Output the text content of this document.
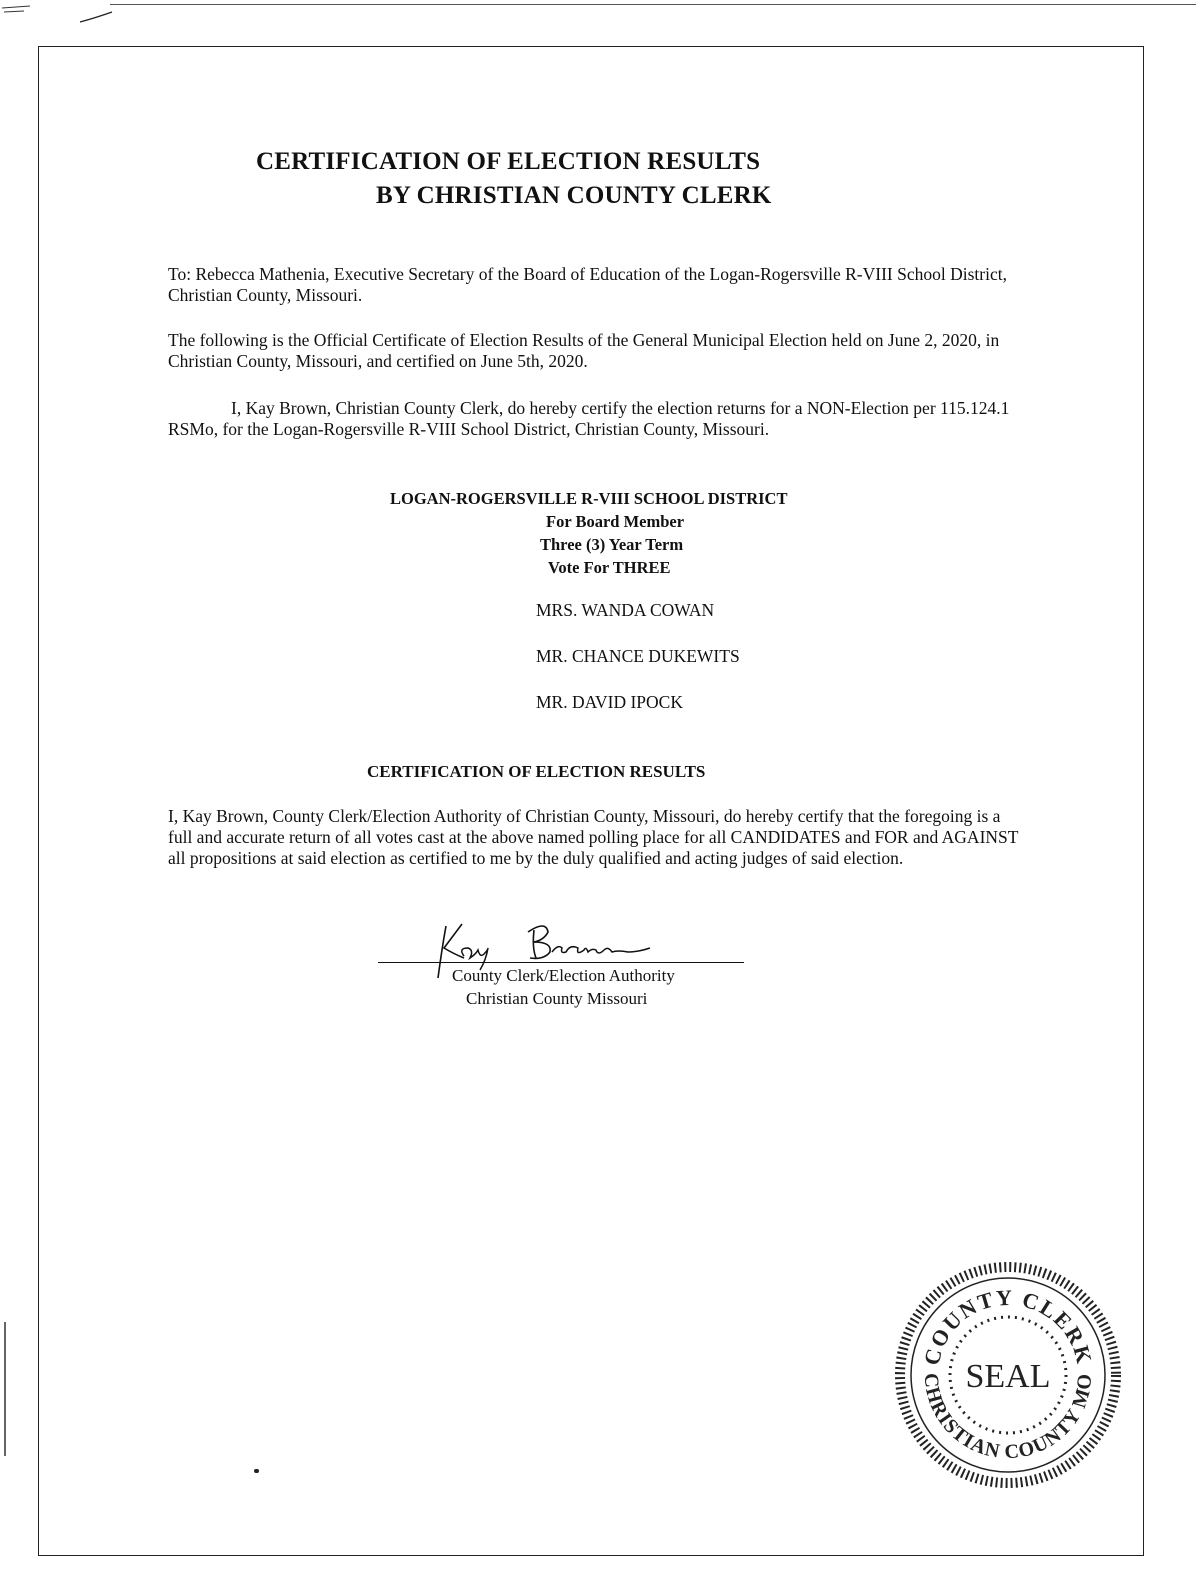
CERTIFICATION OF ELECTION RESULTS
BY CHRISTIAN COUNTY CLERK

To: Rebecca Mathenia, Executive Secretary of the Board of Education of the Logan-Rogersville R-VIII School District, Christian County, Missouri.

The following is the Official Certificate of Election Results of the General Municipal Election held on June 2, 2020, in Christian County, Missouri, and certified on June 5th, 2020.

I, Kay Brown, Christian County Clerk, do hereby certify the election returns for a NON-Election per 115.124.1 RSMo, for the Logan-Rogersville R-VIII School District, Christian County, Missouri.

LOGAN-ROGERSVILLE R-VIII SCHOOL DISTRICT
For Board Member
Three (3) Year Term
Vote For THREE
MRS. WANDA COWAN
MR. CHANCE DUKEWITS
MR. DAVID IPOCK
CERTIFICATION OF ELECTION RESULTS

I, Kay Brown, County Clerk/Election Authority of Christian County, Missouri, do hereby certify that the foregoing is a full and accurate return of all votes cast at the above named polling place for all CANDIDATES and FOR and AGAINST all propositions at said election as certified to me by the duly qualified and acting judges of said election.

County Clerk/Election Authority
Christian County Missouri
COUNTY CLERK
CHRISTIAN COUNTY MO
SEAL
